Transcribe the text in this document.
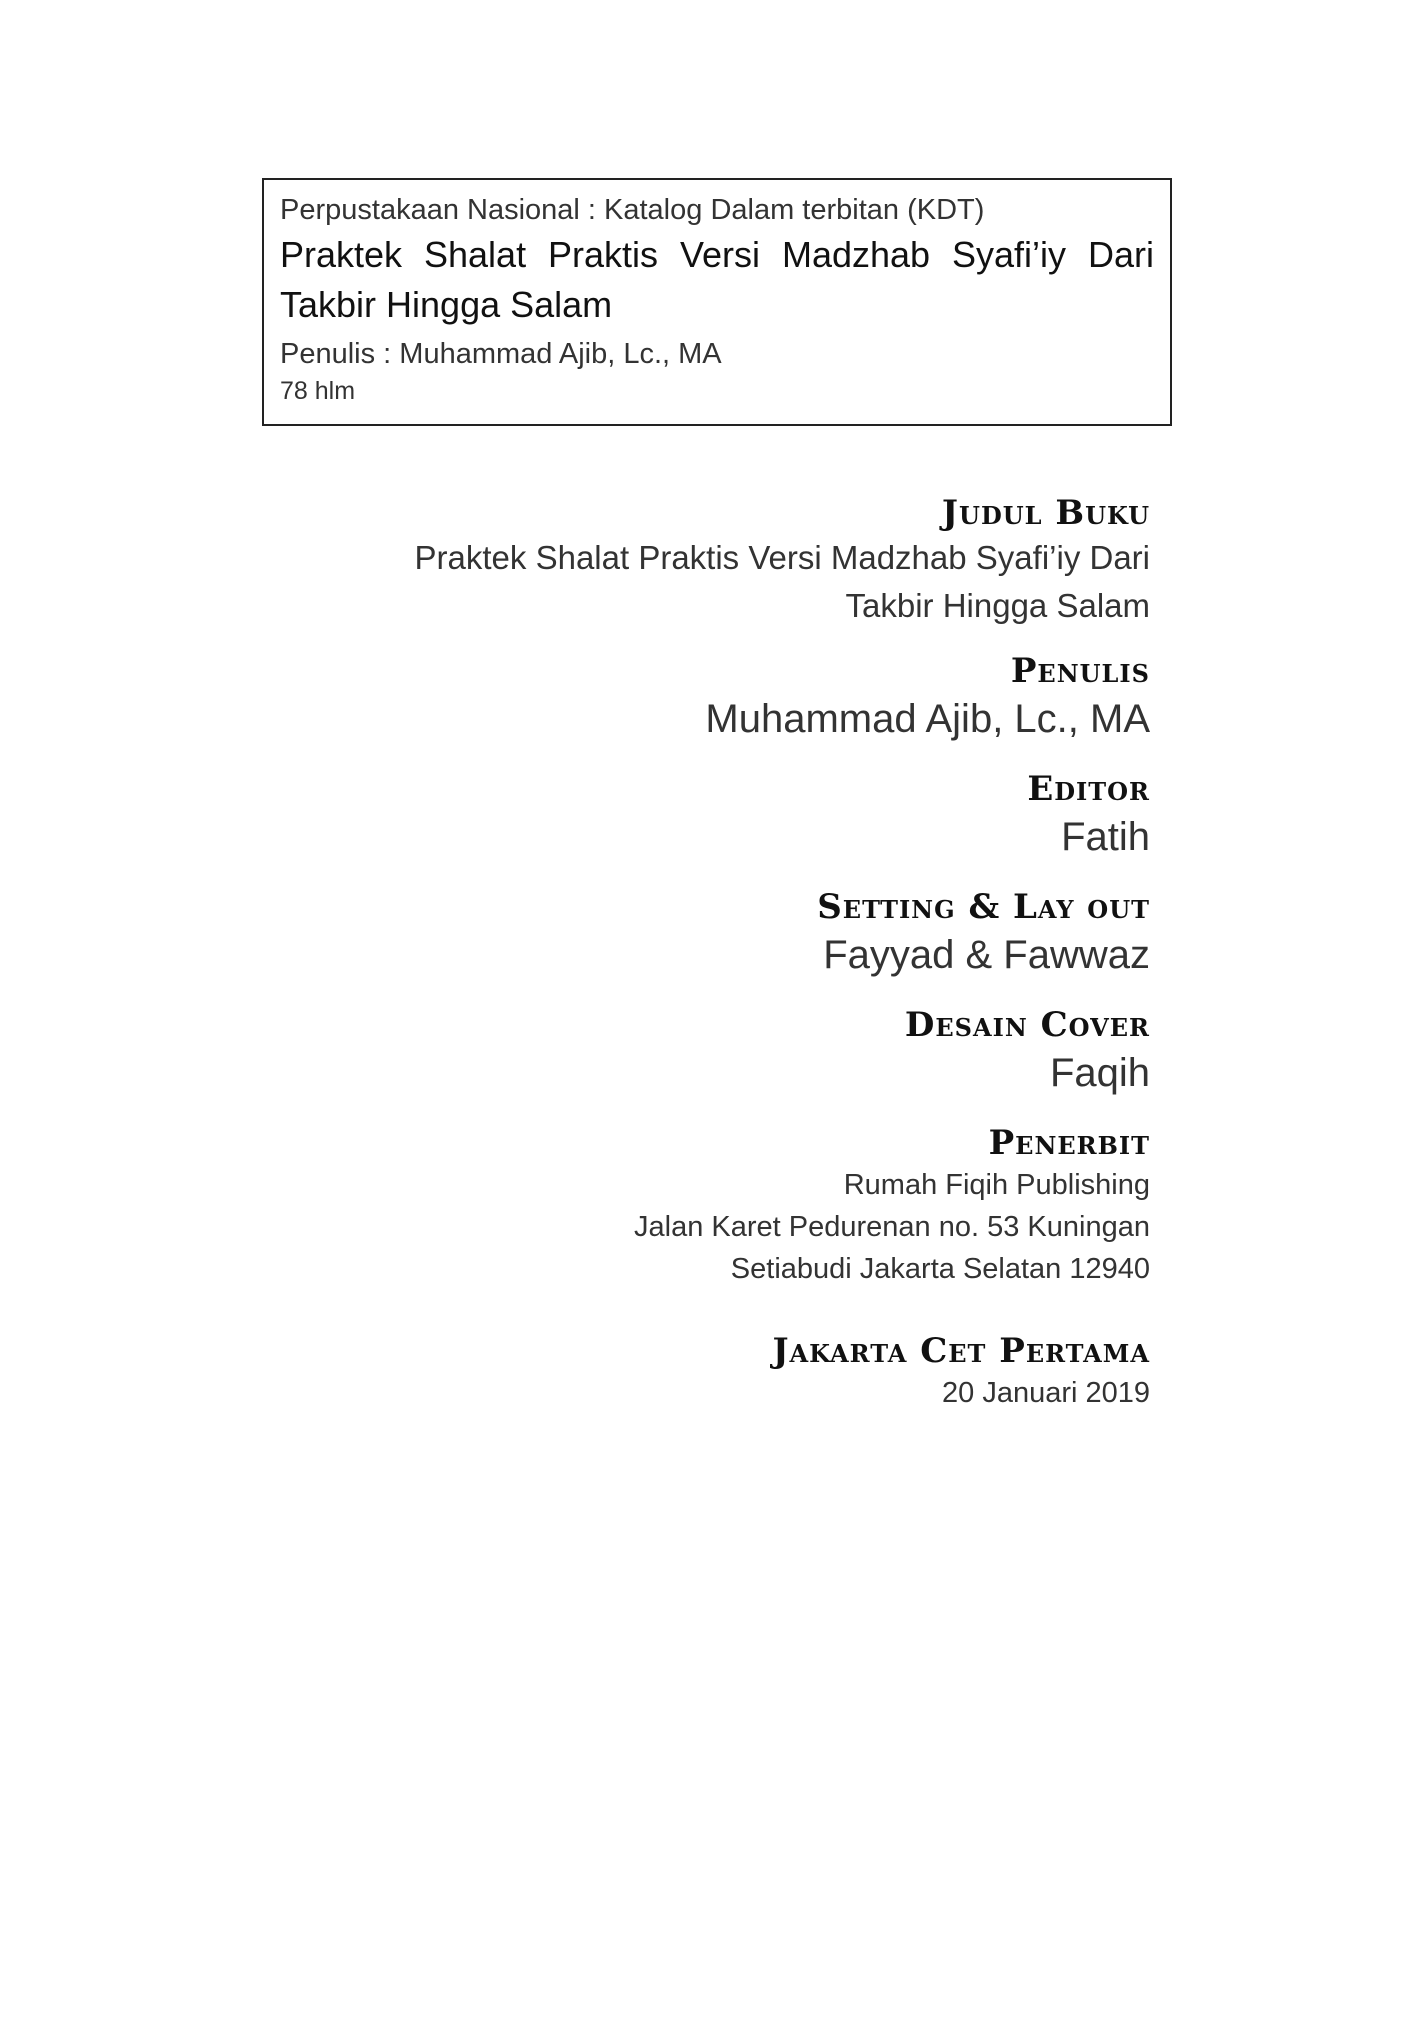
Perpustakaan Nasional : Katalog Dalam terbitan (KDT)
Praktek Shalat Praktis Versi Madzhab Syafi’iy Dari Takbir Hingga Salam
Penulis : Muhammad Ajib, Lc., MA
78 hlm
Judul Buku
Praktek Shalat Praktis Versi Madzhab Syafi’iy Dari
Takbir Hingga Salam
Penulis
Muhammad Ajib, Lc., MA
Editor
Fatih
Setting & Lay out
Fayyad & Fawwaz
Desain Cover
Faqih
Penerbit
Rumah Fiqih Publishing
Jalan Karet Pedurenan no. 53 Kuningan
Setiabudi Jakarta Selatan 12940
Jakarta Cet Pertama
20 Januari 2019
